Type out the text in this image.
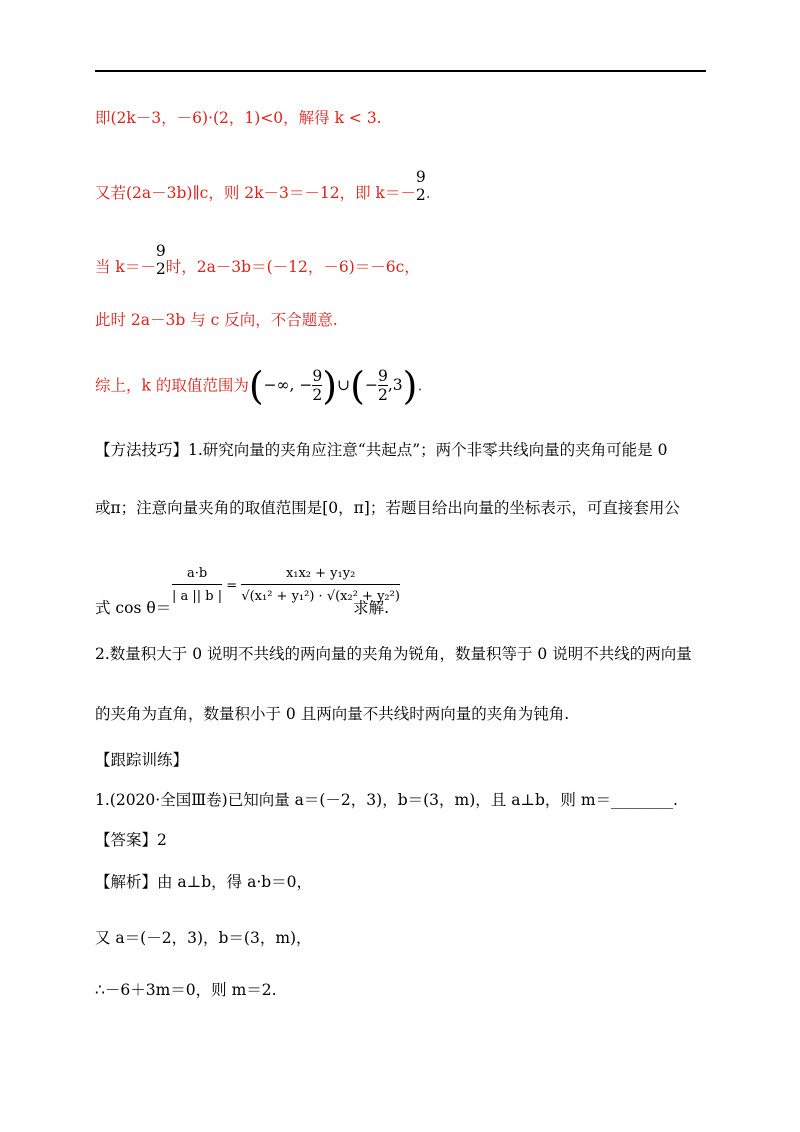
即(2k－3，－6)·(2，1)<0，解得 k < 3.
又若(2a－3b)∥c，则 2k－3＝－12，即 k＝－
9
2 .
当 k＝－
9
2 时，2a－3b＝(－12，－6)＝－6c，
此时 2a－3b 与 c 反向，不合题意.
综上，k 的取值范围为(−∞, − $\frac{9}{2}$ )∪(− $\frac{9}{2} ,3$).
【方法技巧】1.研究向量的夹角应注意“共起点”；两个非零共线向量的夹角可能是 0
或π；注意向量夹角的取值范围是[0，π]；若题目给出向量的坐标表示，可直接套用公
式 cos θ＝	求解.
$\frac{a\cdot b}{| a || b |} = \frac{\text{x₁x₂ + y₁y₂}}{\text{√(x₁² + y₁²) · √(x₂² + y₂²)}}$
2.数量积大于 0 说明不共线的两向量的夹角为锐角，数量积等于 0 说明不共线的两向量
的夹角为直角，数量积小于 0 且两向量不共线时两向量的夹角为钝角.
【跟踪训练】
1.(2020·全国Ⅲ卷)已知向量 a＝(－2，3)，b＝(3，m)，且 a⊥b，则 m＝________.
【答案】2
【解析】由 a⊥b，得 a·b＝0，
又 a＝(－2，3)，b＝(3，m)，
∴－6＋3m＝0，则 m＝2.
